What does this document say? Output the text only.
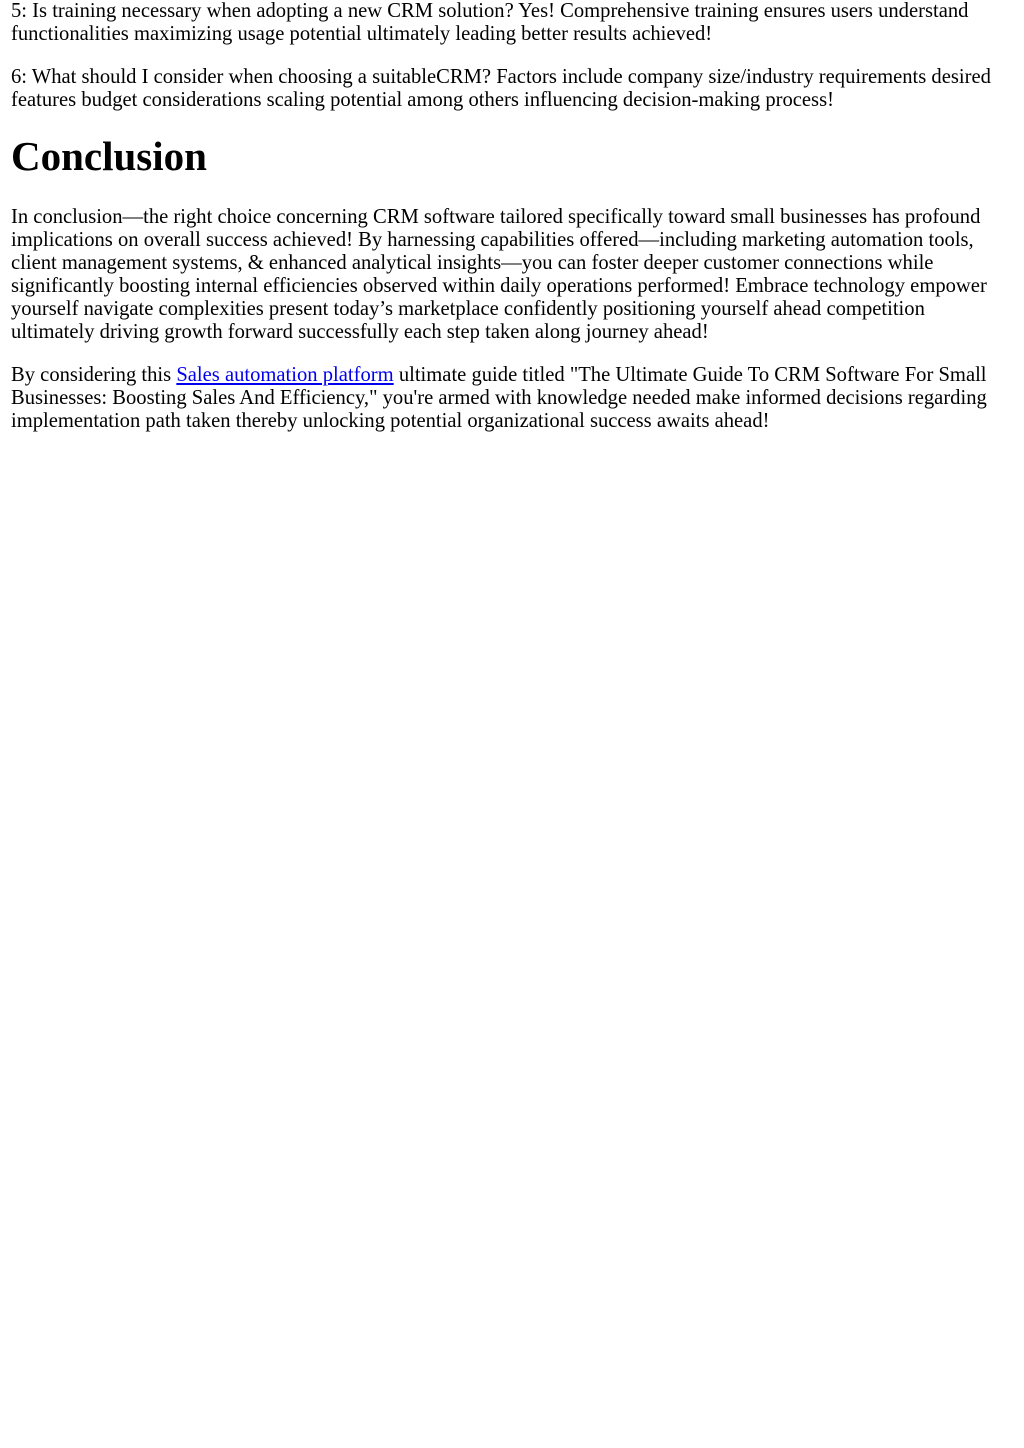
5: Is training necessary when adopting a new CRM solution? Yes! Comprehensive training ensures users understand functionalities maximizing usage potential ultimately leading better results achieved!

6: What should I consider when choosing a suitableCRM? Factors include company size/industry requirements desired features budget considerations scaling potential among others influencing decision-making process!

Conclusion

In conclusion—the right choice concerning CRM software tailored specifically toward small businesses has profound implications on overall success achieved! By harnessing capabilities offered—including marketing automation tools, client management systems, & enhanced analytical insights—you can foster deeper customer connections while significantly boosting internal efficiencies observed within daily operations performed! Embrace technology empower yourself navigate complexities present today’s marketplace confidently positioning yourself ahead competition ultimately driving growth forward successfully each step taken along journey ahead!

By considering this Sales automation platform ultimate guide titled "The Ultimate Guide To CRM Software For Small Businesses: Boosting Sales And Efficiency," you're armed with knowledge needed make informed decisions regarding implementation path taken thereby unlocking potential organizational success awaits ahead!
